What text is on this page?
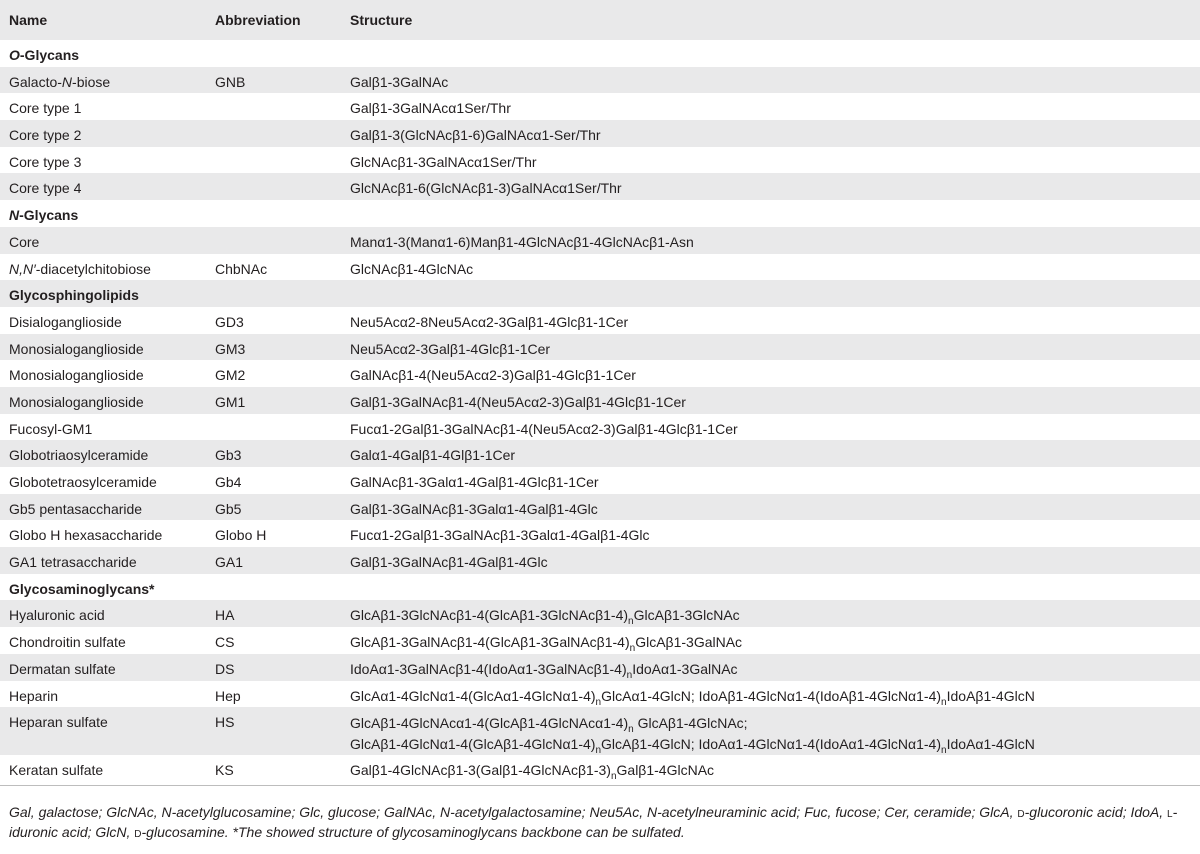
Name	Abbreviation	Structure
O-Glycans		
Galacto-N-biose	GNB	Galβ1-3GalNAc
Core type 1		Galβ1-3GalNAcα1Ser/Thr
Core type 2		Galβ1-3(GlcNAcβ1-6)GalNAcα1-Ser/Thr
Core type 3		GlcNAcβ1-3GalNAcα1Ser/Thr
Core type 4		GlcNAcβ1-6(GlcNAcβ1-3)GalNAcα1Ser/Thr
N-Glycans		
Core		Manα1-3(Manα1-6)Manβ1-4GlcNAcβ1-4GlcNAcβ1-Asn
N,N′-diacetylchitobiose	ChbNAc	GlcNAcβ1-4GlcNAc
Glycosphingolipids		
Disialoganglioside	GD3	Neu5Acα2-8Neu5Acα2-3Galβ1-4Glcβ1-1Cer
Monosialoganglioside	GM3	Neu5Acα2-3Galβ1-4Glcβ1-1Cer
Monosialoganglioside	GM2	GalNAcβ1-4(Neu5Acα2-3)Galβ1-4Glcβ1-1Cer
Monosialoganglioside	GM1	Galβ1-3GalNAcβ1-4(Neu5Acα2-3)Galβ1-4Glcβ1-1Cer
Fucosyl-GM1		Fucα1-2Galβ1-3GalNAcβ1-4(Neu5Acα2-3)Galβ1-4Glcβ1-1Cer
Globotriaosylceramide	Gb3	Galα1-4Galβ1-4Glβ1-1Cer
Globotetraosylceramide	Gb4	GalNAcβ1-3Galα1-4Galβ1-4Glcβ1-1Cer
Gb5 pentasaccharide	Gb5	Galβ1-3GalNAcβ1-3Galα1-4Galβ1-4Glc
Globo H hexasaccharide	Globo H	Fucα1-2Galβ1-3GalNAcβ1-3Galα1-4Galβ1-4Glc
GA1 tetrasaccharide	GA1	Galβ1-3GalNAcβ1-4Galβ1-4Glc
Glycosaminoglycans*		
Hyaluronic acid	HA	$GlcA\beta 1-3GlcNAc\beta 1-4(GlcA\beta 1-3GlcNAc\beta 1-4)_nGlcA\beta 1-3GlcNAc$
Chondroitin sulfate	CS	$GlcA\beta 1-3GalNAc\beta 1-4(GlcA\beta 1-3GalNAc\beta 1-4)_nGlcA\beta 1-3GalNAc$
Dermatan sulfate	DS	$IdoA\alpha 1-3GalNAc\beta 1-4(IdoA\alpha 1-3GalNAc\beta 1-4)_nIdoA\alpha 1-3GalNAc$
Heparin	Hep	$GlcA\alpha 1-4GlcN\alpha 1-4(GlcA\alpha 1-4GlcN\alpha 1-4)_nGlcA\alpha 1-4GlcN$; $IdoA\beta 1-4GlcN\alpha 1-4(IdoA\beta 1-4GlcN\alpha 1-4)_nIdoA\beta 1-4GlcN$
Heparan sulfate	HS	$GlcA\beta 1-4GlcNAc\alpha 1-4(GlcA\beta 1-4GlcNAc\alpha 1-4)_n$ GlcAβ1-4GlcNAc;
$GlcA\beta 1-4GlcN\alpha 1-4(GlcA\beta 1-4GlcN\alpha 1-4)_nGlcA\beta 1-4GlcN$; $IdoA\alpha 1-4GlcN\alpha 1-4(IdoA\alpha 1-4GlcN\alpha 1-4)_nIdoA\alpha 1-4GlcN$
Keratan sulfate	KS	$Gal\beta 1-4GlcNAc\beta 1-3(Gal\beta 1-4GlcNAc\beta 1-3)_nGal\beta 1-4GlcNAc$
Gal, galactose; GlcNAc, N-acetylglucosamine; Glc, glucose; GalNAc, N-acetylgalactosamine; Neu5Ac, N-acetylneuraminic acid; Fuc, fucose; Cer, ceramide; GlcA, d-glucoronic acid; IdoA, l-iduronic acid; GlcN, d-glucosamine. *The showed structure of glycosaminoglycans backbone can be sulfated.
